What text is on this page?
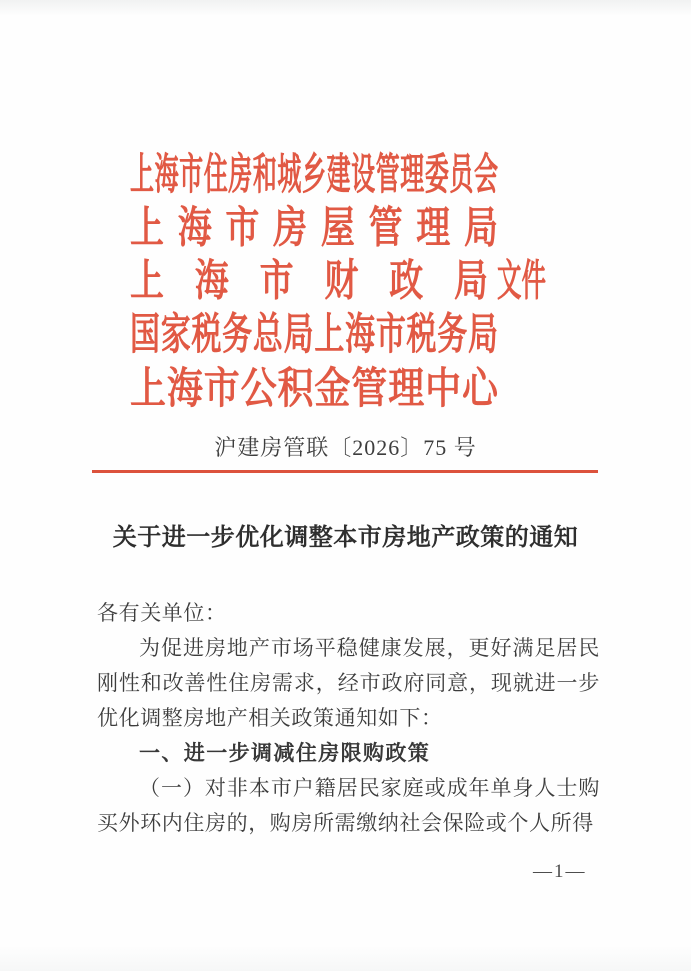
上海市住房和城乡建设管理委员会
上海市房屋管理局
上海市财政局 文件
国家税务总局上海市税务局
上海市公积金管理中心
沪建房管联〔2026〕75 号
关于进一步优化调整本市房地产政策的通知

各有关单位：

为促进房地产市场平稳健康发展，更好满足居民刚性和改善性住房需求，经市政府同意，现就进一步优化调整房地产相关政策通知如下：

一、进一步调减住房限购政策

（一）对非本市户籍居民家庭或成年单身人士购买外环内住房的，购房所需缴纳社会保险或个人所得

—1—
